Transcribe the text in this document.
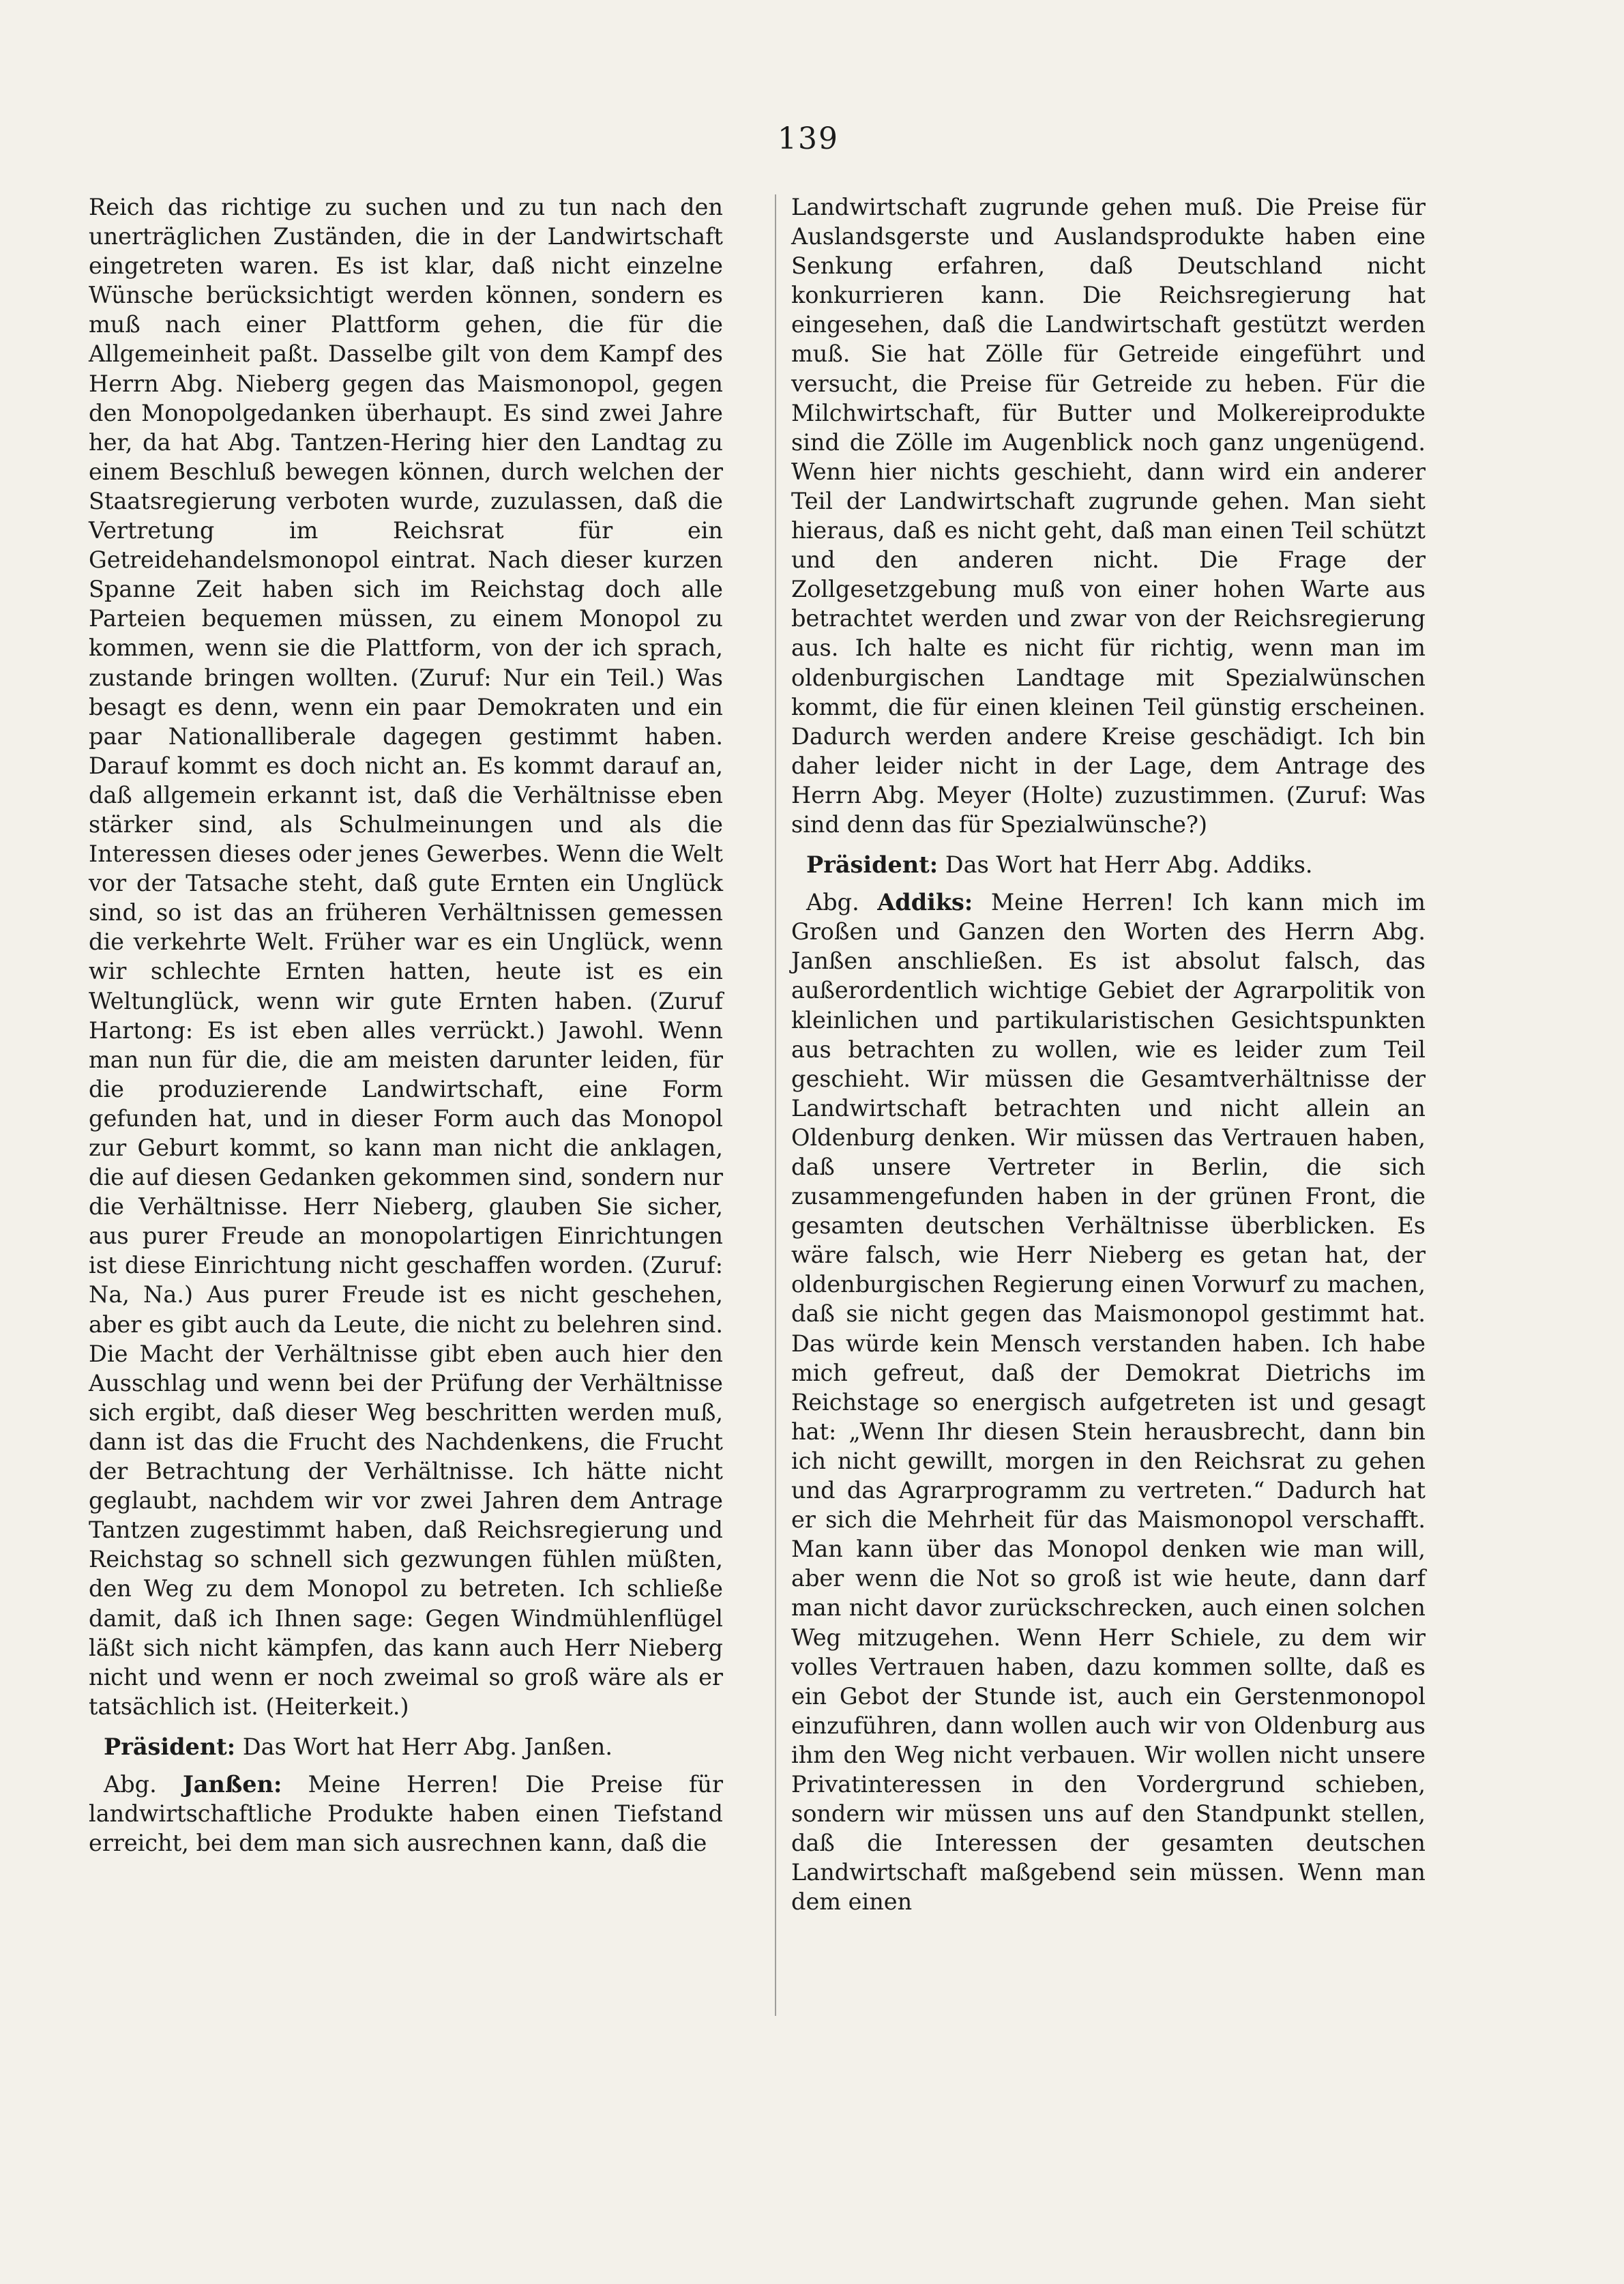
139

Reich das richtige zu suchen und zu tun nach den unerträglichen Zuständen, die in der Landwirtschaft eingetreten waren. Es ist klar, daß nicht einzelne Wünsche berücksichtigt werden können, sondern es muß nach einer Plattform gehen, die für die Allgemeinheit paßt. Dasselbe gilt von dem Kampf des Herrn Abg. Nieberg gegen das Maismonopol, gegen den Monopolgedanken überhaupt. Es sind zwei Jahre her, da hat Abg. Tantzen-Hering hier den Landtag zu einem Beschluß bewegen können, durch welchen der Staatsregierung verboten wurde, zuzulassen, daß die Vertretung im Reichsrat für ein Getreidehandelsmonopol eintrat. Nach dieser kurzen Spanne Zeit haben sich im Reichstag doch alle Parteien bequemen müssen, zu einem Monopol zu kommen, wenn sie die Plattform, von der ich sprach, zustande bringen wollten. (Zuruf: Nur ein Teil.) Was besagt es denn, wenn ein paar Demokraten und ein paar Nationalliberale dagegen gestimmt haben. Darauf kommt es doch nicht an. Es kommt darauf an, daß allgemein erkannt ist, daß die Verhältnisse eben stärker sind, als Schulmeinungen und als die Interessen dieses oder jenes Gewerbes. Wenn die Welt vor der Tatsache steht, daß gute Ernten ein Unglück sind, so ist das an früheren Verhältnissen gemessen die verkehrte Welt. Früher war es ein Unglück, wenn wir schlechte Ernten hatten, heute ist es ein Weltunglück, wenn wir gute Ernten haben. (Zuruf Hartong: Es ist eben alles verrückt.) Jawohl. Wenn man nun für die, die am meisten darunter leiden, für die produzierende Landwirtschaft, eine Form gefunden hat, und in dieser Form auch das Monopol zur Geburt kommt, so kann man nicht die anklagen, die auf diesen Gedanken gekommen sind, sondern nur die Verhältnisse. Herr Nieberg, glauben Sie sicher, aus purer Freude an monopolartigen Einrichtungen ist diese Einrichtung nicht geschaffen worden. (Zuruf: Na, Na.) Aus purer Freude ist es nicht geschehen, aber es gibt auch da Leute, die nicht zu belehren sind. Die Macht der Verhältnisse gibt eben auch hier den Ausschlag und wenn bei der Prüfung der Verhältnisse sich ergibt, daß dieser Weg beschritten werden muß, dann ist das die Frucht des Nachdenkens, die Frucht der Betrachtung der Verhältnisse. Ich hätte nicht geglaubt, nachdem wir vor zwei Jahren dem Antrage Tantzen zugestimmt haben, daß Reichsregierung und Reichstag so schnell sich gezwungen fühlen müßten, den Weg zu dem Monopol zu betreten. Ich schließe damit, daß ich Ihnen sage: Gegen Windmühlenflügel läßt sich nicht kämpfen, das kann auch Herr Nieberg nicht und wenn er noch zweimal so groß wäre als er tatsächlich ist. (Heiterkeit.)

Präsident: Das Wort hat Herr Abg. Janßen.

Abg. Janßen: Meine Herren! Die Preise für landwirtschaftliche Produkte haben einen Tiefstand erreicht, bei dem man sich ausrechnen kann, daß die

Landwirtschaft zugrunde gehen muß. Die Preise für Auslandsgerste und Auslandsprodukte haben eine Senkung erfahren, daß Deutschland nicht konkurrieren kann. Die Reichsregierung hat eingesehen, daß die Landwirtschaft gestützt werden muß. Sie hat Zölle für Getreide eingeführt und versucht, die Preise für Getreide zu heben. Für die Milchwirtschaft, für Butter und Molkereiprodukte sind die Zölle im Augenblick noch ganz ungenügend. Wenn hier nichts geschieht, dann wird ein anderer Teil der Landwirtschaft zugrunde gehen. Man sieht hieraus, daß es nicht geht, daß man einen Teil schützt und den anderen nicht. Die Frage der Zollgesetzgebung muß von einer hohen Warte aus betrachtet werden und zwar von der Reichsregierung aus. Ich halte es nicht für richtig, wenn man im oldenburgischen Landtage mit Spezialwünschen kommt, die für einen kleinen Teil günstig erscheinen. Dadurch werden andere Kreise geschädigt. Ich bin daher leider nicht in der Lage, dem Antrage des Herrn Abg. Meyer (Holte) zuzustimmen. (Zuruf: Was sind denn das für Spezialwünsche?)

Präsident: Das Wort hat Herr Abg. Addiks.

Abg. Addiks: Meine Herren! Ich kann mich im Großen und Ganzen den Worten des Herrn Abg. Janßen anschließen. Es ist absolut falsch, das außerordentlich wichtige Gebiet der Agrarpolitik von kleinlichen und partikularistischen Gesichtspunkten aus betrachten zu wollen, wie es leider zum Teil geschieht. Wir müssen die Gesamtverhältnisse der Landwirtschaft betrachten und nicht allein an Oldenburg denken. Wir müssen das Vertrauen haben, daß unsere Vertreter in Berlin, die sich zusammengefunden haben in der grünen Front, die gesamten deutschen Verhältnisse überblicken. Es wäre falsch, wie Herr Nieberg es getan hat, der oldenburgischen Regierung einen Vorwurf zu machen, daß sie nicht gegen das Maismonopol gestimmt hat. Das würde kein Mensch verstanden haben. Ich habe mich gefreut, daß der Demokrat Dietrichs im Reichstage so energisch aufgetreten ist und gesagt hat: „Wenn Ihr diesen Stein herausbrecht, dann bin ich nicht gewillt, morgen in den Reichsrat zu gehen und das Agrarprogramm zu vertreten.“ Dadurch hat er sich die Mehrheit für das Maismonopol verschafft. Man kann über das Monopol denken wie man will, aber wenn die Not so groß ist wie heute, dann darf man nicht davor zurückschrecken, auch einen solchen Weg mitzugehen. Wenn Herr Schiele, zu dem wir volles Vertrauen haben, dazu kommen sollte, daß es ein Gebot der Stunde ist, auch ein Gerstenmonopol einzuführen, dann wollen auch wir von Oldenburg aus ihm den Weg nicht verbauen. Wir wollen nicht unsere Privatinteressen in den Vordergrund schieben, sondern wir müssen uns auf den Standpunkt stellen, daß die Interessen der gesamten deutschen Landwirtschaft maßgebend sein müssen. Wenn man dem einen
